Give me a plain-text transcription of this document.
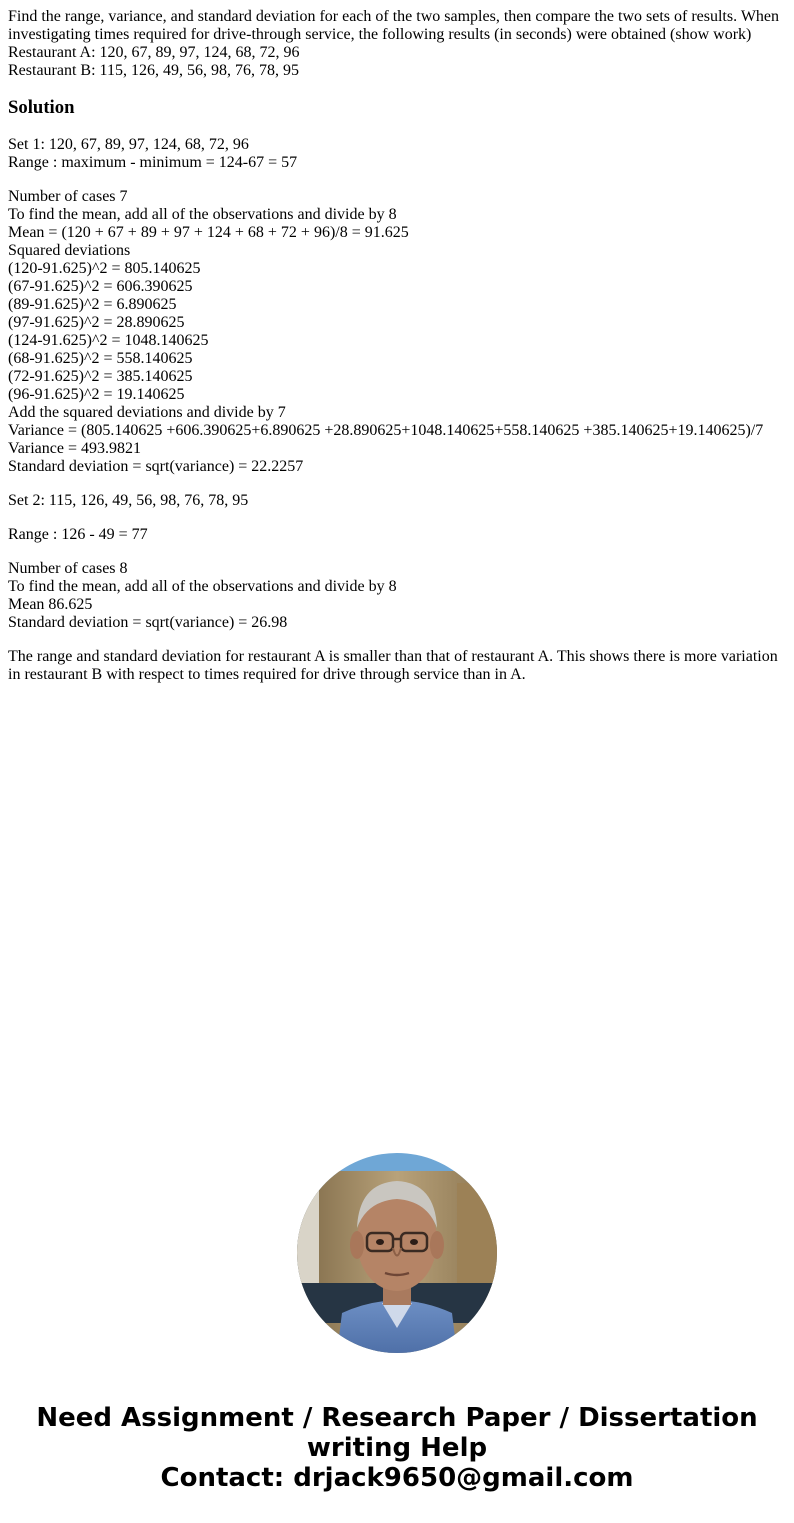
Find the range, variance, and standard deviation for each of the two samples, then compare the two sets of results. When investigating times required for drive-through service, the following results (in seconds) were obtained (show work)
Restaurant A: 120, 67, 89, 97, 124, 68, 72, 96
Restaurant B: 115, 126, 49, 56, 98, 76, 78, 95
Solution
Set 1: 120, 67, 89, 97, 124, 68, 72, 96
Range : maximum - minimum = 124-67 = 57
Number of cases 7
To find the mean, add all of the observations and divide by 8
Mean = (120 + 67 + 89 + 97 + 124 + 68 + 72 + 96)/8 = 91.625
Squared deviations
(120-91.625)^2 = 805.140625
(67-91.625)^2 = 606.390625
(89-91.625)^2 = 6.890625
(97-91.625)^2 = 28.890625
(124-91.625)^2 = 1048.140625
(68-91.625)^2 = 558.140625
(72-91.625)^2 = 385.140625
(96-91.625)^2 = 19.140625
Add the squared deviations and divide by 7
Variance = (805.140625 +606.390625+6.890625 +28.890625+1048.140625+558.140625 +385.140625+19.140625)/7
Variance = 493.9821
Standard deviation = sqrt(variance) = 22.2257
Set 2: 115, 126, 49, 56, 98, 76, 78, 95
Range : 126 - 49 = 77
Number of cases 8
To find the mean, add all of the observations and divide by 8
Mean 86.625
Standard deviation = sqrt(variance) = 26.98
The range and standard deviation for restaurant A is smaller than that of restaurant A. This shows there is more variation in restaurant B with respect to times required for drive through service than in A.
Need Assignment / Research Paper / Dissertation
writing Help
Contact: drjack9650@gmail.com
